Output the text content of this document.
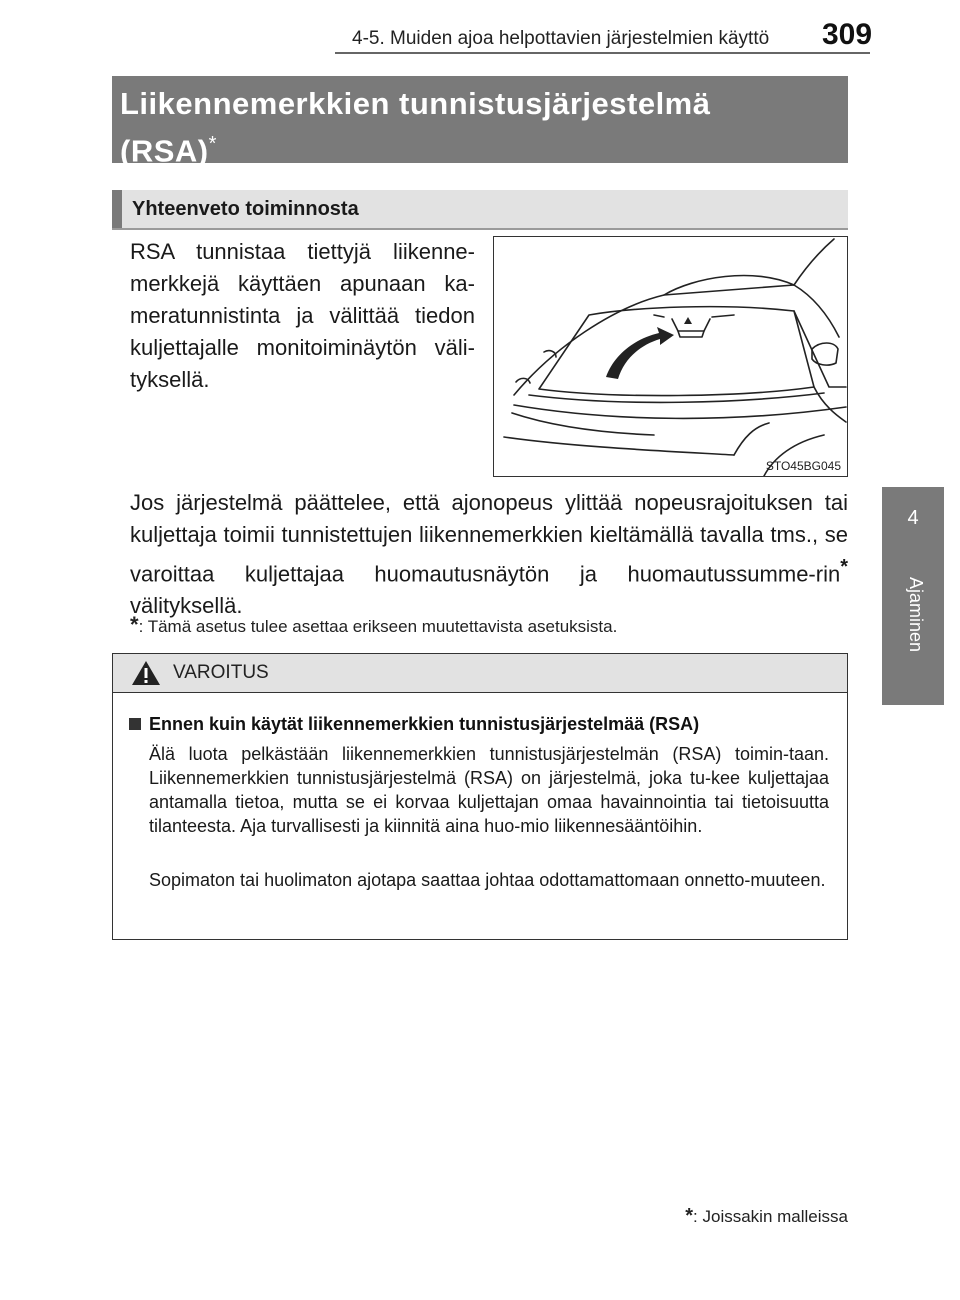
4-5. Muiden ajoa helpottavien järjestelmien käyttö 309
4
Ajaminen
Liikennemerkkien tunnistusjärjestelmä
(RSA)*
Yhteenveto toiminnosta
RSA tunnistaa tiettyjä liikenne-merkkejä käyttäen apunaan ka-meratunnistinta ja välittää tiedon kuljettajalle monitoiminäytön väli-tyksellä.
STO45BG045
Jos järjestelmä päättelee, että ajonopeus ylittää nopeusrajoituksen tai kuljettaja toimii tunnistettujen liikennemerkkien kieltämällä tavalla tms., se varoittaa kuljettajaa huomautusnäytön ja huomautussumme-rin* välityksellä.
*: Tämä asetus tulee asettaa erikseen muutettavista asetuksista.
VAROITUS
Ennen kuin käytät liikennemerkkien tunnistusjärjestelmää (RSA)
Älä luota pelkästään liikennemerkkien tunnistusjärjestelmän (RSA) toimin-taan. Liikennemerkkien tunnistusjärjestelmä (RSA) on järjestelmä, joka tu-kee kuljettajaa antamalla tietoa, mutta se ei korvaa kuljettajan omaa havainnointia tai tietoisuutta tilanteesta. Aja turvallisesti ja kiinnitä aina huo-mio liikennesääntöihin.
Sopimaton tai huolimaton ajotapa saattaa johtaa odottamattomaan onnetto-muuteen.
*: Joissakin malleissa
